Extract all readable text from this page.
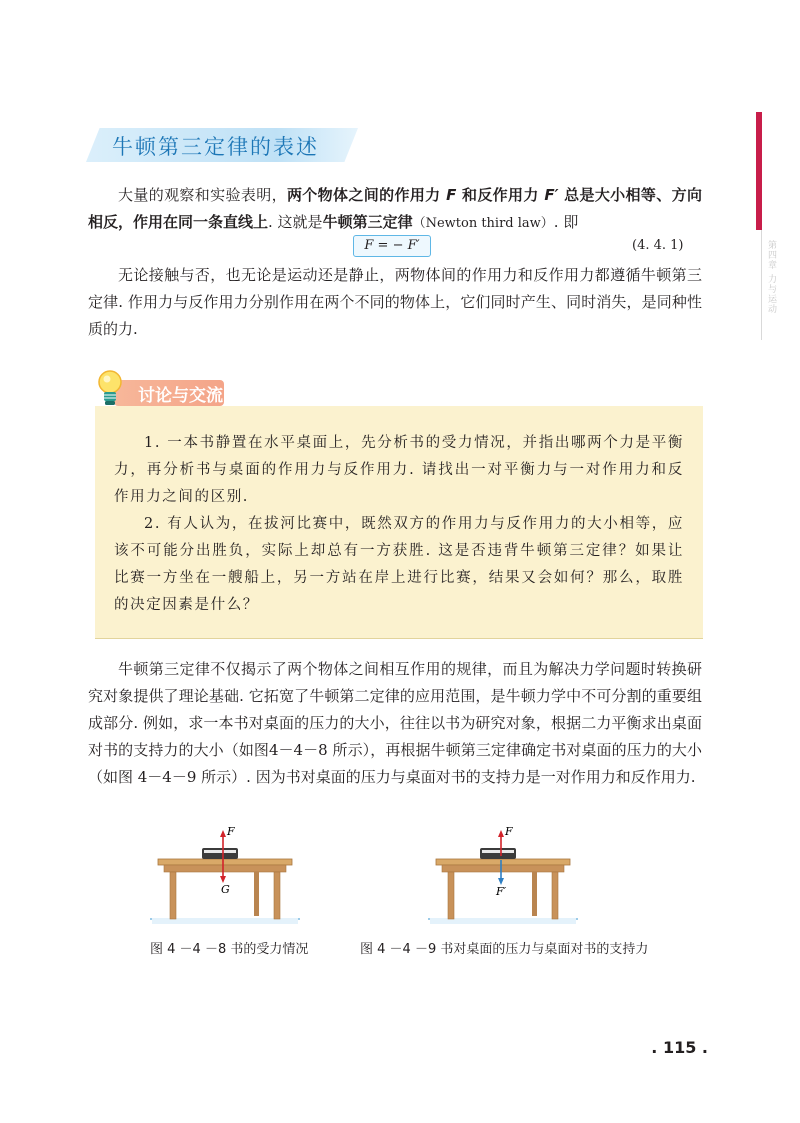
第四章 力与运动
牛顿第三定律的表述
大量的观察和实验表明，两个物体之间的作用力 F 和反作用力 F′ 总是大小相等、方向相反，作用在同一条直线上. 这就是牛顿第三定律（Newton third law）. 即
F = − F′	(4. 4. 1)
无论接触与否，也无论是运动还是静止，两物体间的作用力和反作用力都遵循牛顿第三定律. 作用力与反作用力分别作用在两个不同的物体上，它们同时产生、同时消失，是同种性质的力.
讨论与交流
1. 一本书静置在水平桌面上，先分析书的受力情况，并指出哪两个力是平衡力，再分析书与桌面的作用力与反作用力. 请找出一对平衡力与一对作用力和反作用力之间的区别.
2. 有人认为，在拔河比赛中，既然双方的作用力与反作用力的大小相等，应该不可能分出胜负，实际上却总有一方获胜. 这是否违背牛顿第三定律？如果让比赛一方坐在一艘船上，另一方站在岸上进行比赛，结果又会如何？那么，取胜的决定因素是什么？
牛顿第三定律不仅揭示了两个物体之间相互作用的规律，而且为解决力学问题时转换研究对象提供了理论基础. 它拓宽了牛顿第二定律的应用范围，是牛顿力学中不可分割的重要组成部分. 例如，求一本书对桌面的压力的大小，往往以书为研究对象，根据二力平衡求出桌面对书的支持力的大小（如图4－4－8 所示），再根据牛顿第三定律确定书对桌面的压力的大小（如图 4－4－9 所示）. 因为书对桌面的压力与桌面对书的支持力是一对作用力和反作用力.
F
G
图 4 －4 －8 书的受力情况
F
F′
图 4 －4 －9 书对桌面的压力与桌面对书的支持力
. 115 .
